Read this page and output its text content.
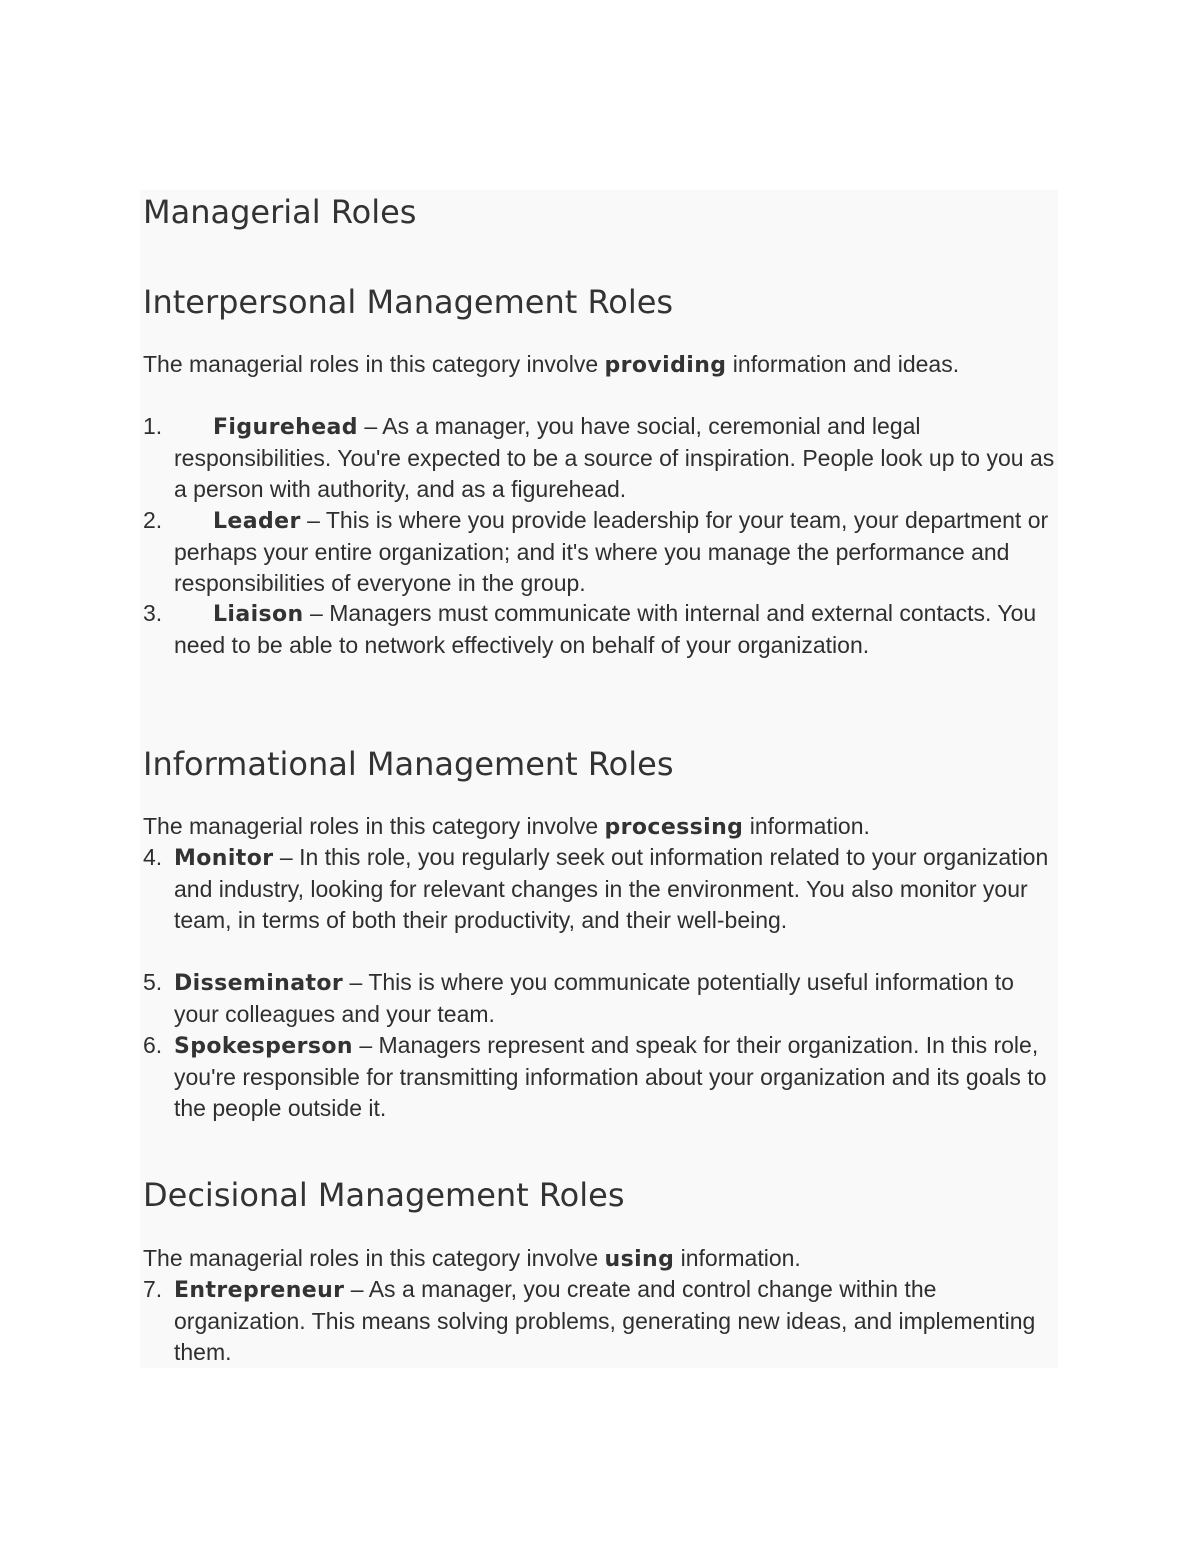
Managerial Roles
Interpersonal Management Roles

The managerial roles in this category involve providing information and ideas.

1.	Figurehead – As a manager, you have social, ceremonial and legal responsibilities. You're expected to be a source of inspiration. People look up to you as a person with authority, and as a figurehead.
2.	Leader – This is where you provide leadership for your team, your department or perhaps your entire organization; and it's where you manage the performance and responsibilities of everyone in the group.
3.	Liaison – Managers must communicate with internal and external contacts. You need to be able to network effectively on behalf of your organization.
Informational Management Roles

The managerial roles in this category involve processing information.

4. Monitor – In this role, you regularly seek out information related to your organization and industry, looking for relevant changes in the environment. You also monitor your team, in terms of both their productivity, and their well-being.
5. Disseminator – This is where you communicate potentially useful information to your colleagues and your team.
6. Spokesperson – Managers represent and speak for their organization. In this role, you're responsible for transmitting information about your organization and its goals to the people outside it.
Decisional Management Roles

The managerial roles in this category involve using information.

7. Entrepreneur – As a manager, you create and control change within the organization. This means solving problems, generating new ideas, and implementing them.
